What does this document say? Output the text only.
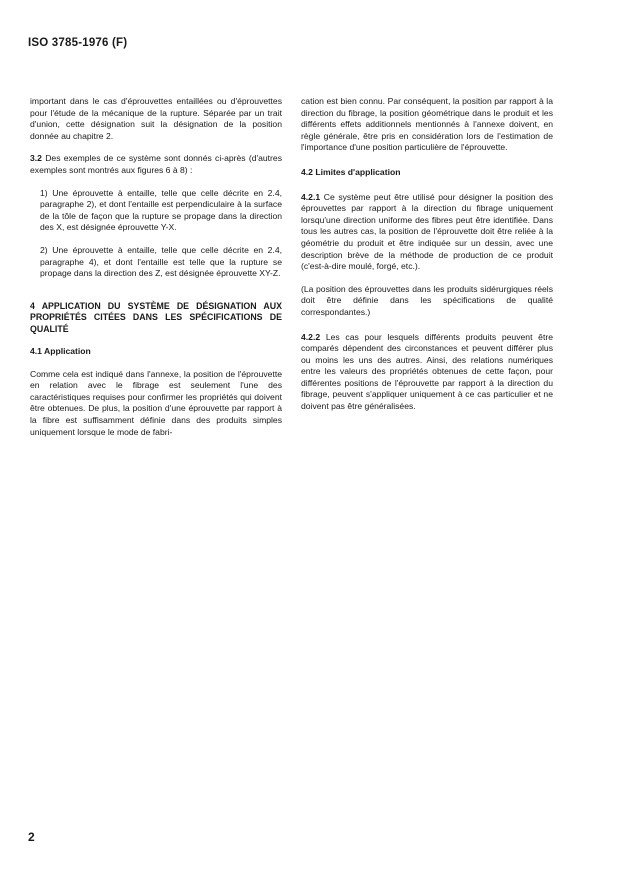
ISO 3785-1976 (F)

important dans le cas d'éprouvettes entaillées ou d'éprouvettes pour l'étude de la mécanique de la rupture. Séparée par un trait d'union, cette désignation suit la désignation de la position donnée au chapitre 2.

3.2 Des exemples de ce système sont donnés ci-après (d'autres exemples sont montrés aux figures 6 à 8) :

1) Une éprouvette à entaille, telle que celle décrite en 2.4, paragraphe 2), et dont l'entaille est perpendiculaire à la surface de la tôle de façon que la rupture se propage dans la direction des X, est désignée éprouvette Y-X.

2) Une éprouvette à entaille, telle que celle décrite en 2.4, paragraphe 4), et dont l'entaille est telle que la rupture se propage dans la direction des Z, est désignée éprouvette XY-Z.

4 APPLICATION DU SYSTÈME DE DÉSIGNATION AUX PROPRIÉTÉS CITÉES DANS LES SPÉCIFICATIONS DE QUALITÉ

4.1 Application

Comme cela est indiqué dans l'annexe, la position de l'éprouvette en relation avec le fibrage est seulement l'une des caractéristiques requises pour confirmer les propriétés qui doivent être obtenues. De plus, la position d'une éprouvette par rapport à la fibre est suffisamment définie dans des produits simples uniquement lorsque le mode de fabri-

cation est bien connu. Par conséquent, la position par rapport à la direction du fibrage, la position géométrique dans le produit et les différents effets additionnels mentionnés à l'annexe doivent, en règle générale, être pris en considération lors de l'estimation de l'importance d'une position particulière de l'éprouvette.

4.2 Limites d'application

4.2.1 Ce système peut être utilisé pour désigner la position des éprouvettes par rapport à la direction du fibrage uniquement lorsqu'une direction uniforme des fibres peut être identifiée. Dans tous les autres cas, la position de l'éprouvette doit être reliée à la géométrie du produit et être indiquée sur un dessin, avec une description brève de la méthode de production de ce produit (c'est-à-dire moulé, forgé, etc.).

(La position des éprouvettes dans les produits sidérurgiques réels doit être définie dans les spécifications de qualité correspondantes.)

4.2.2 Les cas pour lesquels différents produits peuvent être comparés dépendent des circonstances et peuvent différer plus ou moins les uns des autres. Ainsi, des relations numériques entre les valeurs des propriétés obtenues de cette façon, pour différentes positions de l'éprouvette par rapport à la direction du fibrage, peuvent s'appliquer uniquement à ce cas particulier et ne doivent pas être généralisées.

2
